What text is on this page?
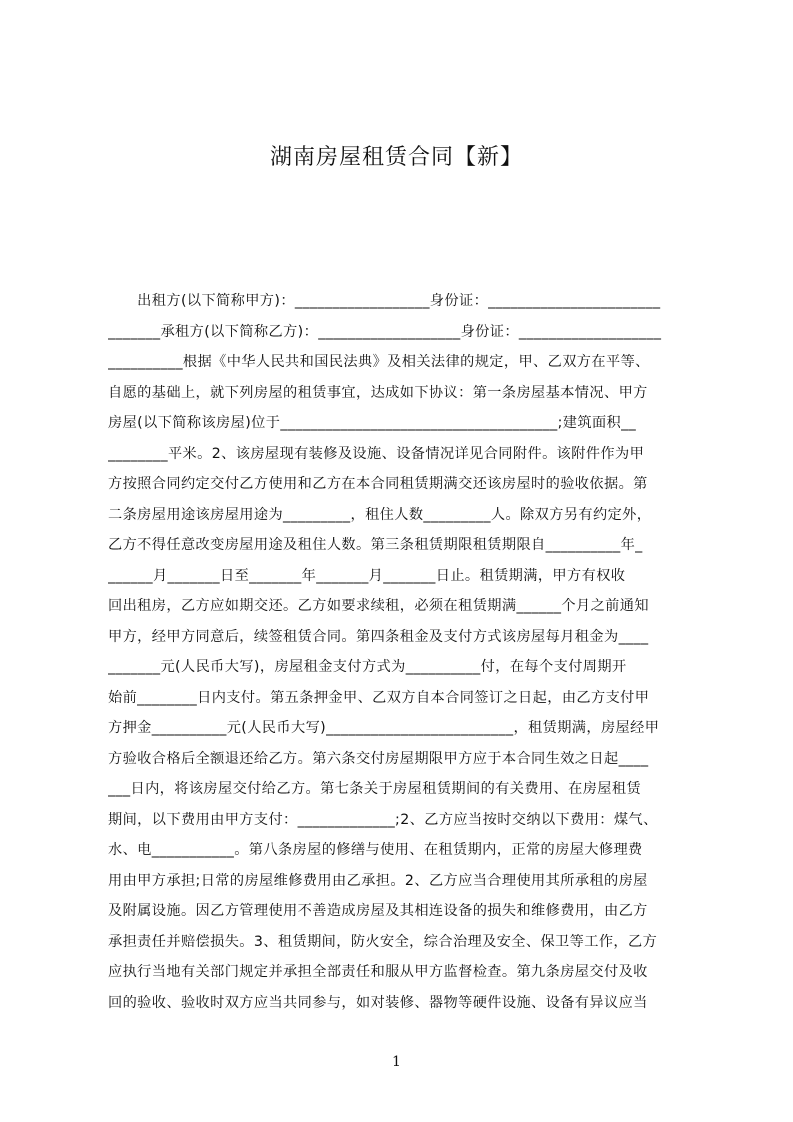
湖南房屋租赁合同【新】
　　出租方(以下简称甲方)：__________________身份证：_______________________
_______承租方(以下简称乙方)：___________________身份证：___________________
__________根据《中华人民共和国民法典》及相关法律的规定，甲、乙双方在平等、
自愿的基础上，就下列房屋的租赁事宜，达成如下协议：第一条房屋基本情况、甲方
房屋(以下简称该房屋)位于_____________________________________;建筑面积__
________平米。2、该房屋现有装修及设施、设备情况详见合同附件。该附件作为甲
方按照合同约定交付乙方使用和乙方在本合同租赁期满交还该房屋时的验收依据。第
二条房屋用途该房屋用途为_________，租住人数_________人。除双方另有约定外，
乙方不得任意改变房屋用途及租住人数。第三条租赁期限租赁期限自__________年_
______月_______日至_______年_______月_______日止。租赁期满，甲方有权收
回出租房，乙方应如期交还。乙方如要求续租，必须在租赁期满______个月之前通知
甲方，经甲方同意后，续签租赁合同。第四条租金及支付方式该房屋每月租金为____
_______元(人民币大写)，房屋租金支付方式为__________付，在每个支付周期开
始前________日内支付。第五条押金甲、乙双方自本合同签订之日起，由乙方支付甲
方押金__________元(人民币大写)_________________________，租赁期满，房屋经甲
方验收合格后全额退还给乙方。第六条交付房屋期限甲方应于本合同生效之日起____
___日内，将该房屋交付给乙方。第七条关于房屋租赁期间的有关费用、在房屋租赁
期间，以下费用由甲方支付：_____________;2、乙方应当按时交纳以下费用：煤气、
水、电___________。第八条房屋的修缮与使用、在租赁期内，正常的房屋大修理费
用由甲方承担;日常的房屋维修费用由乙承担。2、乙方应当合理使用其所承租的房屋
及附属设施。因乙方管理使用不善造成房屋及其相连设备的损失和维修费用，由乙方
承担责任并赔偿损失。3、租赁期间，防火安全，综合治理及安全、保卫等工作，乙方
应执行当地有关部门规定并承担全部责任和服从甲方监督检查。第九条房屋交付及收
回的验收、验收时双方应当共同参与，如对装修、器物等硬件设施、设备有异议应当
1
